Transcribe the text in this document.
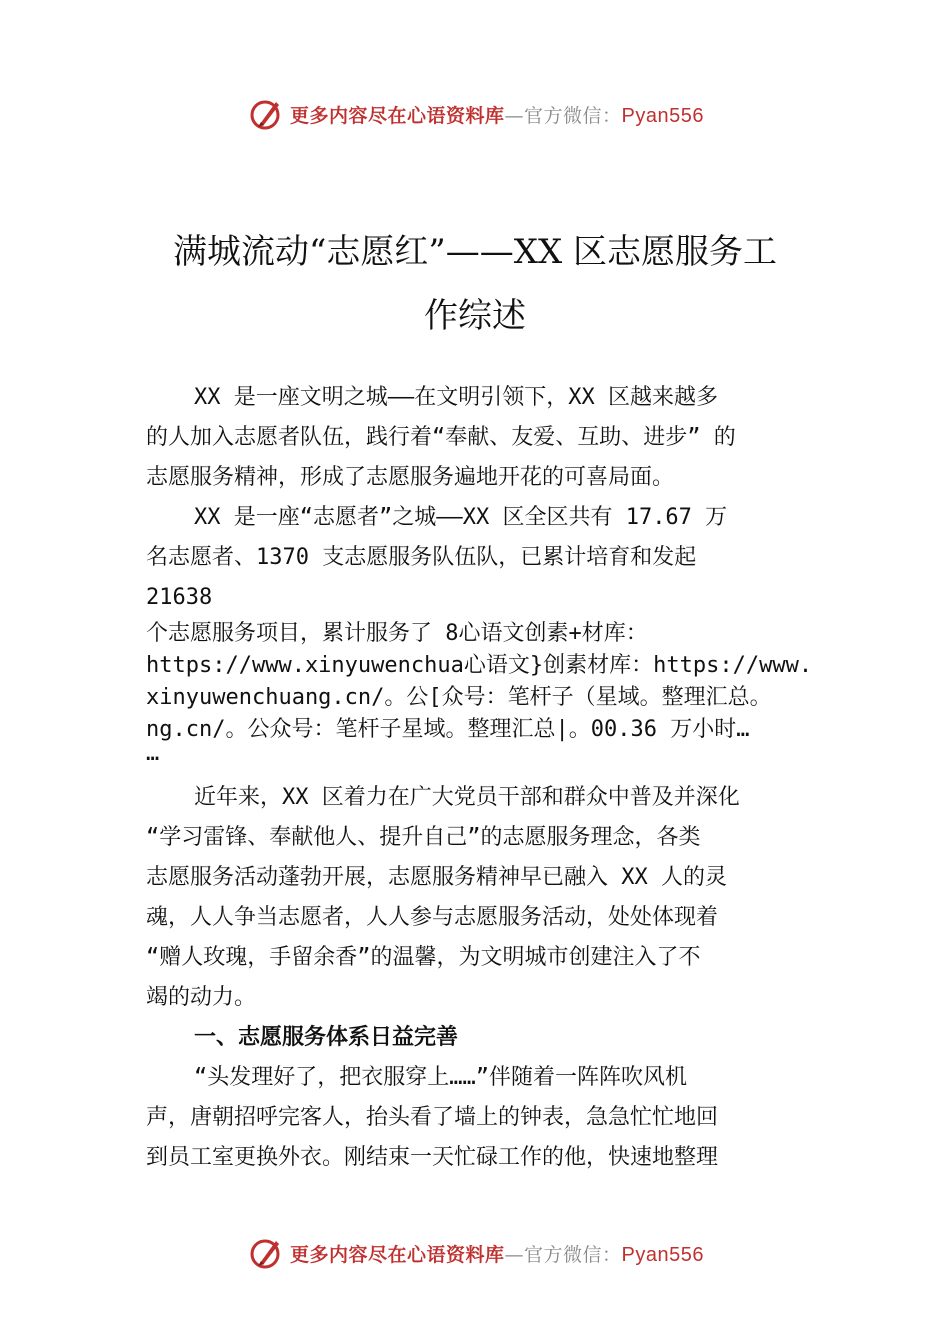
更多内容尽在心语资料库—官方微信：Pyan556
满城流动“志愿红”——XX 区志愿服务工
作综述
XX 是一座文明之城——在文明引领下，XX 区越来越多
的人加入志愿者队伍，践行着“奉献、友爱、互助、进步” 的
志愿服务精神，形成了志愿服务遍地开花的可喜局面。
XX 是一座“志愿者”之城——XX 区全区共有 17.67 万
名志愿者、1370 支志愿服务队伍队，已累计培育和发起
21638
个志愿服务项目，累计服务了 8心语文创素+材库：
https://www.xinyuwenchua心语文}创素材库：https://www.
xinyuwenchuang.cn/。公[众号：笔杆子（星域。整理汇总。
ng.cn/。公众号：笔杆子星域。整理汇总|。00.36 万小时…
…
近年来，XX 区着力在广大党员干部和群众中普及并深化
“学习雷锋、奉献他人、提升自己”的志愿服务理念，各类
志愿服务活动蓬勃开展，志愿服务精神早已融入 XX 人的灵
魂，人人争当志愿者，人人参与志愿服务活动，处处体现着
“赠人玫瑰，手留余香”的温馨，为文明城市创建注入了不
竭的动力。
一、志愿服务体系日益完善
“头发理好了，把衣服穿上……”伴随着一阵阵吹风机
声，唐朝招呼完客人，抬头看了墙上的钟表，急急忙忙地回
到员工室更换外衣。刚结束一天忙碌工作的他，快速地整理
更多内容尽在心语资料库—官方微信：Pyan556
